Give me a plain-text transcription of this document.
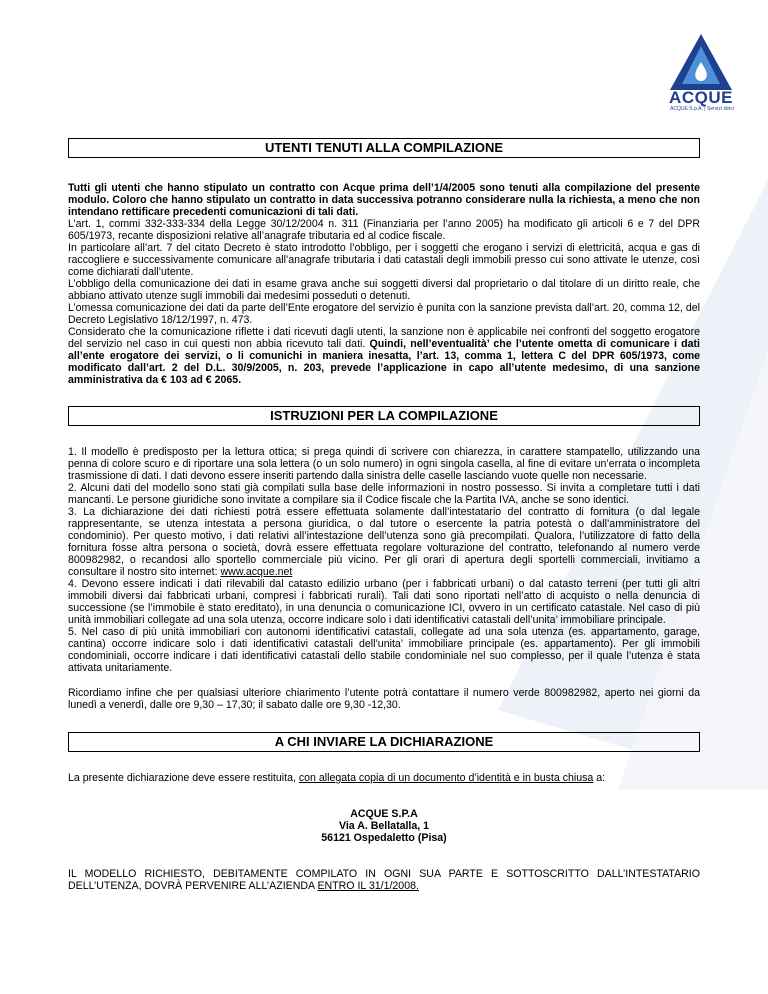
ACQUE
ACQUE S.p.A. | Servizi Idrici
UTENTI TENUTI ALLA COMPILAZIONE

Tutti gli utenti che hanno stipulato un contratto con Acque prima dell’1/4/2005 sono tenuti alla compilazione del presente modulo. Coloro che hanno stipulato un contratto in data successiva potranno considerare nulla la richiesta, a meno che non intendano rettificare precedenti comunicazioni di tali dati.

L’art. 1, commi 332-333-334 della Legge 30/12/2004 n. 311 (Finanziaria per l’anno 2005) ha modificato gli articoli 6 e 7 del DPR 605/1973, recante disposizioni relative all’anagrafe tributaria ed al codice fiscale.

In particolare all’art. 7 del citato Decreto è stato introdotto l’obbligo, per i soggetti che erogano i servizi di elettricità, acqua e gas di raccogliere e successivamente comunicare all’anagrafe tributaria i dati catastali degli immobili presso cui sono attivate le utenze, così come dichiarati dall’utente.

L’obbligo della comunicazione dei dati in esame grava anche sui soggetti diversi dal proprietario o dal titolare di un diritto reale, che abbiano attivato utenze sugli immobili dai medesimi posseduti o detenuti.

L’omessa comunicazione dei dati da parte dell’Ente erogatore del servizio è punita con la sanzione prevista dall’art. 20, comma 12, del Decreto Legislativo 18/12/1997, n. 473.

Considerato che la comunicazione riflette i dati ricevuti dagli utenti, la sanzione non è applicabile nei confronti del soggetto erogatore del servizio nel caso in cui questi non abbia ricevuto tali dati. Quindi, nell’eventualità’ che l’utente ometta di comunicare i dati all’ente erogatore dei servizi, o li comunichi in maniera inesatta, l’art. 13, comma 1, lettera C del DPR 605/1973, come modificato dall’art. 2 del D.L. 30/9/2005, n. 203, prevede l’applicazione in capo all’utente medesimo, di una sanzione amministrativa da € 103 ad € 2065.

ISTRUZIONI PER LA COMPILAZIONE

1. Il modello è predisposto per la lettura ottica; si prega quindi di scrivere con chiarezza, in carattere stampatello, utilizzando una penna di colore scuro e di riportare una sola lettera (o un solo numero) in ogni singola casella, al fine di evitare un’errata o incompleta trasmissione di dati. I dati devono essere inseriti partendo dalla sinistra delle caselle lasciando vuote quelle non necessarie.

2. Alcuni dati del modello sono stati già compilati sulla base delle informazioni in nostro possesso. Si invita a completare tutti i dati mancanti. Le persone giuridiche sono invitate a compilare sia il Codice fiscale che la Partita IVA, anche se sono identici.

3. La dichiarazione dei dati richiesti potrà essere effettuata solamente dall’intestatario del contratto di fornitura (o dal legale rappresentante, se utenza intestata a persona giuridica, o dal tutore o esercente la patria potestà o dall’amministratore del condominio). Per questo motivo, i dati relativi all’intestazione dell’utenza sono già precompilati. Qualora, l’utilizzatore di fatto della fornitura fosse altra persona o società, dovrà essere effettuata regolare volturazione del contratto, telefonando al numero verde 800982982, o recandosi allo sportello commerciale più vicino. Per gli orari di apertura degli sportelli commerciali, invitiamo a consultare il nostro sito internet: www.acque.net

4. Devono essere indicati i dati rilevabili dal catasto edilizio urbano (per i fabbricati urbani) o dal catasto terreni (per tutti gli altri immobili diversi dai fabbricati urbani, compresi i fabbricati rurali). Tali dati sono riportati nell’atto di acquisto o nella denuncia di successione (se l’immobile è stato ereditato), in una denuncia o comunicazione ICI, ovvero in un certificato catastale. Nel caso di più unità immobiliari collegate ad una sola utenza, occorre indicare solo i dati identificativi catastali dell’unita’ immobiliare principale.

5. Nel caso di più unità immobiliari con autonomi identificativi catastali, collegate ad una sola utenza (es. appartamento, garage, cantina) occorre indicare solo i dati identificativi catastali dell’unita’ immobiliare principale (es. appartamento). Per gli immobili condominiali, occorre indicare i dati identificativi catastali dello stabile condominiale nel suo complesso, per il quale l’utenza è stata attivata unitariamente.

Ricordiamo infine che per qualsiasi ulteriore chiarimento l’utente potrà contattare il numero verde 800982982, aperto nei giorni da lunedì a venerdì, dalle ore 9,30 – 17,30; il sabato dalle ore 9,30 -12,30.

A CHI INVIARE LA DICHIARAZIONE

La presente dichiarazione deve essere restituita, con allegata copia di un documento d’identità e in busta chiusa a:

ACQUE S.P.A
Via A. Bellatalla, 1
56121 Ospedaletto (Pisa)

IL MODELLO RICHIESTO, DEBITAMENTE COMPILATO IN OGNI SUA PARTE E SOTTOSCRITTO DALL’INTESTATARIO DELL’UTENZA, DOVRÀ PERVENIRE ALL’AZIENDA ENTRO IL 31/1/2008.
